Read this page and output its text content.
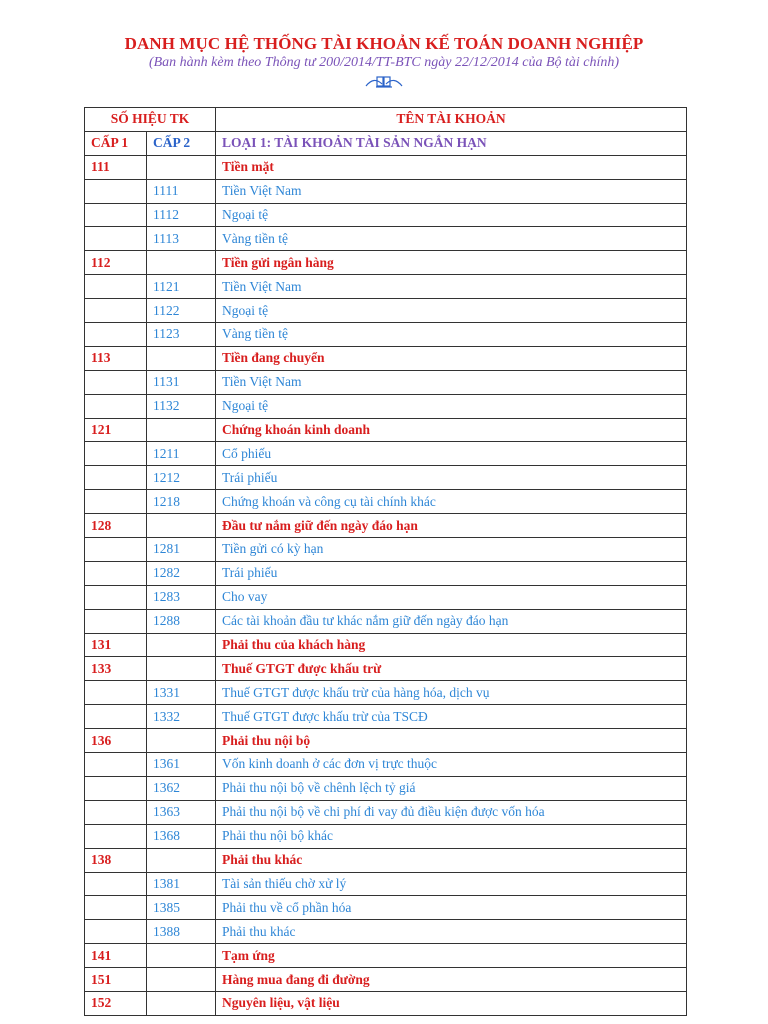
DANH MỤC HỆ THỐNG TÀI KHOẢN KẾ TOÁN DOANH NGHIỆP
(Ban hành kèm theo Thông tư 200/2014/TT-BTC ngày 22/12/2014 của Bộ tài chính)
SỐ HIỆU TK		TÊN TÀI KHOẢN
CẤP 1	CẤP 2	LOẠI 1: TÀI KHOẢN TÀI SẢN NGẮN HẠN
111		Tiền mặt
	1111	Tiền Việt Nam
	1112	Ngoại tệ
	1113	Vàng tiền tệ
112		Tiền gửi ngân hàng
	1121	Tiền Việt Nam
	1122	Ngoại tệ
	1123	Vàng tiền tệ
113		Tiền đang chuyển
	1131	Tiền Việt Nam
	1132	Ngoại tệ
121		Chứng khoán kinh doanh
	1211	Cổ phiếu
	1212	Trái phiếu
	1218	Chứng khoán và công cụ tài chính khác
128		Đầu tư nắm giữ đến ngày đáo hạn
	1281	Tiền gửi có kỳ hạn
	1282	Trái phiếu
	1283	Cho vay
	1288	Các tài khoản đầu tư khác nắm giữ đến ngày đáo hạn
131		Phải thu của khách hàng
133		Thuế GTGT được khấu trừ
	1331	Thuế GTGT được khấu trừ của hàng hóa, dịch vụ
	1332	Thuế GTGT được khấu trừ của TSCĐ
136		Phải thu nội bộ
	1361	Vốn kinh doanh ở các đơn vị trực thuộc
	1362	Phải thu nội bộ về chênh lệch tỷ giá
	1363	Phải thu nội bộ về chi phí đi vay đủ điều kiện được vốn hóa
	1368	Phải thu nội bộ khác
138		Phải thu khác
	1381	Tài sản thiếu chờ xử lý
	1385	Phải thu về cổ phần hóa
	1388	Phải thu khác
141		Tạm ứng
151		Hàng mua đang đi đường
152		Nguyên liệu, vật liệu
